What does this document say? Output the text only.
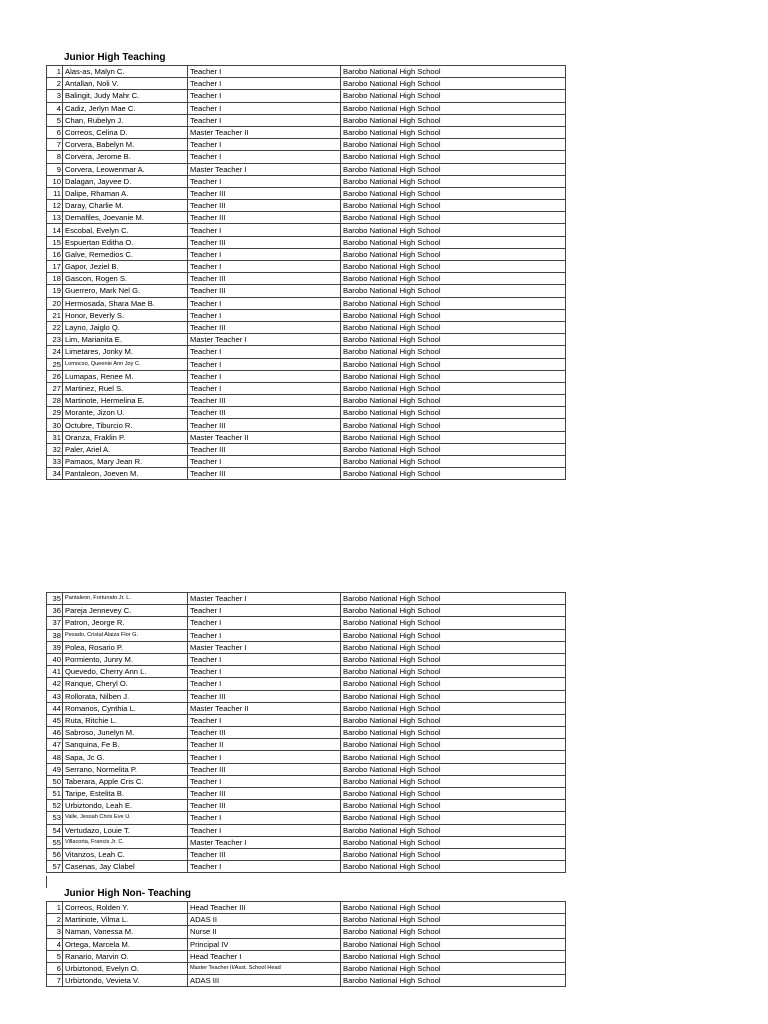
Junior High Teaching
1	Alas-as, Malyn C.	Teacher I	Barobo National High School
2	Antallan, Noli V.	Teacher I	Barobo National High School
3	Balingit, Judy Mahr C.	Teacher I	Barobo National High School
4	Cadiz, Jerlyn Mae C.	Teacher I	Barobo National High School
5	Chan, Rubelyn J.	Teacher I	Barobo National High School
6	Correos, Celina D.	Master Teacher II	Barobo National High School
7	Corvera, Babelyn M.	Teacher I	Barobo National High School
8	Corvera, Jerome B.	Teacher I	Barobo National High School
9	Corvera, Leowenmar A.	Master Teacher I	Barobo National High School
10	Dalagan, Jayvee D.	Teacher I	Barobo National High School
11	Dalipe, Rhaman A.	Teacher III	Barobo National High School
12	Daray, Charlie M.	Teacher III	Barobo National High School
13	Demafiles, Joevanie M.	Teacher III	Barobo National High School
14	Escobal, Evelyn C.	Teacher I	Barobo National High School
15	Espuertan Editha O.	Teacher III	Barobo National High School
16	Galve, Remedios C.	Teacher I	Barobo National High School
17	Gapor, Jeziel B.	Teacher I	Barobo National High School
18	Gascon, Rogen S.	Teacher III	Barobo National High School
19	Guerrero, Mark Nel G.	Teacher III	Barobo National High School
20	Hermosada, Shara Mae B.	Teacher I	Barobo National High School
21	Honor, Beverly S.	Teacher I	Barobo National High School
22	Layno, Jaiglo Q.	Teacher III	Barobo National High School
23	Lim, Marianita E.	Master Teacher I	Barobo National High School
24	Limetares, Jonky M.	Teacher I	Barobo National High School
25	Lomocso, Queenie Ann Joy C.	Teacher I	Barobo National High School
26	Lumapas, Renee M.	Teacher I	Barobo National High School
27	Martinez, Ruel S.	Teacher I	Barobo National High School
28	Martinote, Hermelina E.	Teacher III	Barobo National High School
29	Morante, Jizon U.	Teacher III	Barobo National High School
30	Octubre, Tiburcio R.	Teacher III	Barobo National High School
31	Oranza, Fraklin P.	Master Teacher II	Barobo National High School
32	Paler, Ariel A.	Teacher III	Barobo National High School
33	Pamaos, Mary Jean R.	Teacher I	Barobo National High School
34	Pantaleon, Joeven M.	Teacher III	Barobo National High School
35	Pantaleon, Fortunato Jr. L.	Master Teacher I	Barobo National High School
36	Pareja Jennevey C.	Teacher I	Barobo National High School
37	Patron, Jeorge R.	Teacher I	Barobo National High School
38	Pesado, Cristal Alaiza Flor G.	Teacher I	Barobo National High School
39	Polea, Rosario P.	Master Teacher I	Barobo National High School
40	Pormiento, Junry M.	Teacher I	Barobo National High School
41	Quevedo, Cherry Ann L.	Teacher I	Barobo National High School
42	Ranque, Cheryl O.	Teacher I	Barobo National High School
43	Rollorata, Nilben J.	Teacher III	Barobo National High School
44	Romanos, Cynthia L.	Master Teacher II	Barobo National High School
45	Ruta, Ritchie L.	Teacher I	Barobo National High School
46	Sabroso, Junelyn M.	Teacher III	Barobo National High School
47	Sanquina, Fe B.	Teacher II	Barobo National High School
48	Sapa, Jc G.	Teacher I	Barobo National High School
49	Serrano, Normelita P.	Teacher III	Barobo National High School
50	Taberara, Apple Cris C.	Teacher I	Barobo National High School
51	Taripe, Estelita B.	Teacher III	Barobo National High School
52	Urbiztondo, Leah E.	Teacher III	Barobo National High School
53	Valle, Jessah Chris Eve U.	Teacher I	Barobo National High School
54	Vertudazo, Louie T.	Teacher I	Barobo National High School
55	Villacorta, Francis Jr. C.	Master Teacher I	Barobo National High School
56	Vitanzos, Leah C.	Teacher III	Barobo National High School
57	Casenas, Jay Clabel	Teacher I	Barobo National High School
Junior High Non- Teaching
1	Correos, Rolden Y.	Head Teacher III	Barobo National High School
2	Martinote, Vilma L.	ADAS II	Barobo National High School
3	Naman, Vanessa M.	Nurse II	Barobo National High School
4	Ortega, Marcela M.	Principal IV	Barobo National High School
5	Ranario, Marvin O.	Head Teacher I	Barobo National High School
6	Urbiztonod, Evelyn O.	Master Teacher II/Asst. School Head	Barobo National High School
7	Urbiztondo, Vevieta V.	ADAS III	Barobo National High School
